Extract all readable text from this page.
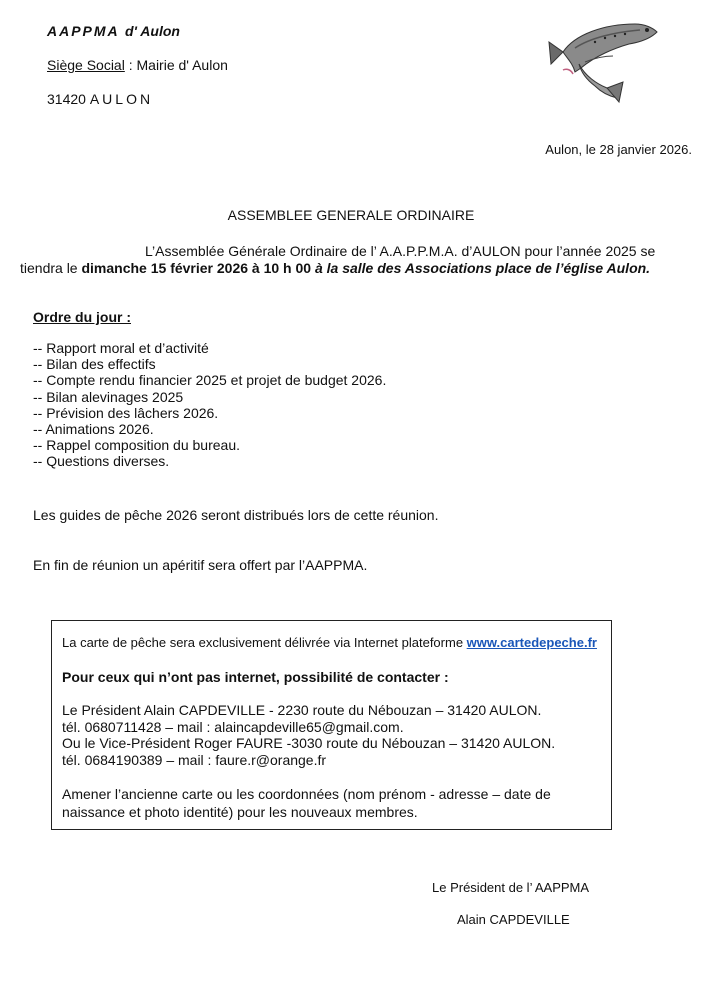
AAPPMA d' Aulon
Siège Social : Mairie d' Aulon
31420 AULON
Aulon, le 28 janvier 2026.
ASSEMBLEE GENERALE ORDINAIRE
L’Assemblée Générale Ordinaire de l’ A.A.P.P.M.A. d’AULON pour l’année 2025 se
tiendra le dimanche 15 février 2026 à 10 h 00 à la salle des Associations place de l’église Aulon.
Ordre du jour :
-- Rapport moral et d’activité
-- Bilan des effectifs
-- Compte rendu financier 2025 et projet de budget 2026.
-- Bilan alevinages 2025
-- Prévision des lâchers 2026.
-- Animations 2026.
-- Rappel composition du bureau.
-- Questions diverses.
Les guides de pêche 2026 seront distribués lors de cette réunion.
En fin de réunion un apéritif sera offert par l’AAPPMA.
La carte de pêche sera exclusivement délivrée via Internet plateforme www.cartedepeche.fr
Pour ceux qui n’ont pas internet, possibilité de contacter :
Le Président Alain CAPDEVILLE - 2230 route du Nébouzan – 31420 AULON.
tél. 0680711428 – mail : alaincapdeville65@gmail.com.
Ou le Vice-Président Roger FAURE -3030 route du Nébouzan – 31420 AULON.
tél. 0684190389 – mail : faure.r@orange.fr
Amener l’ancienne carte ou les coordonnées (nom prénom - adresse – date de
naissance et photo identité) pour les nouveaux membres.
Le Président de l’ AAPPMA
Alain CAPDEVILLE
